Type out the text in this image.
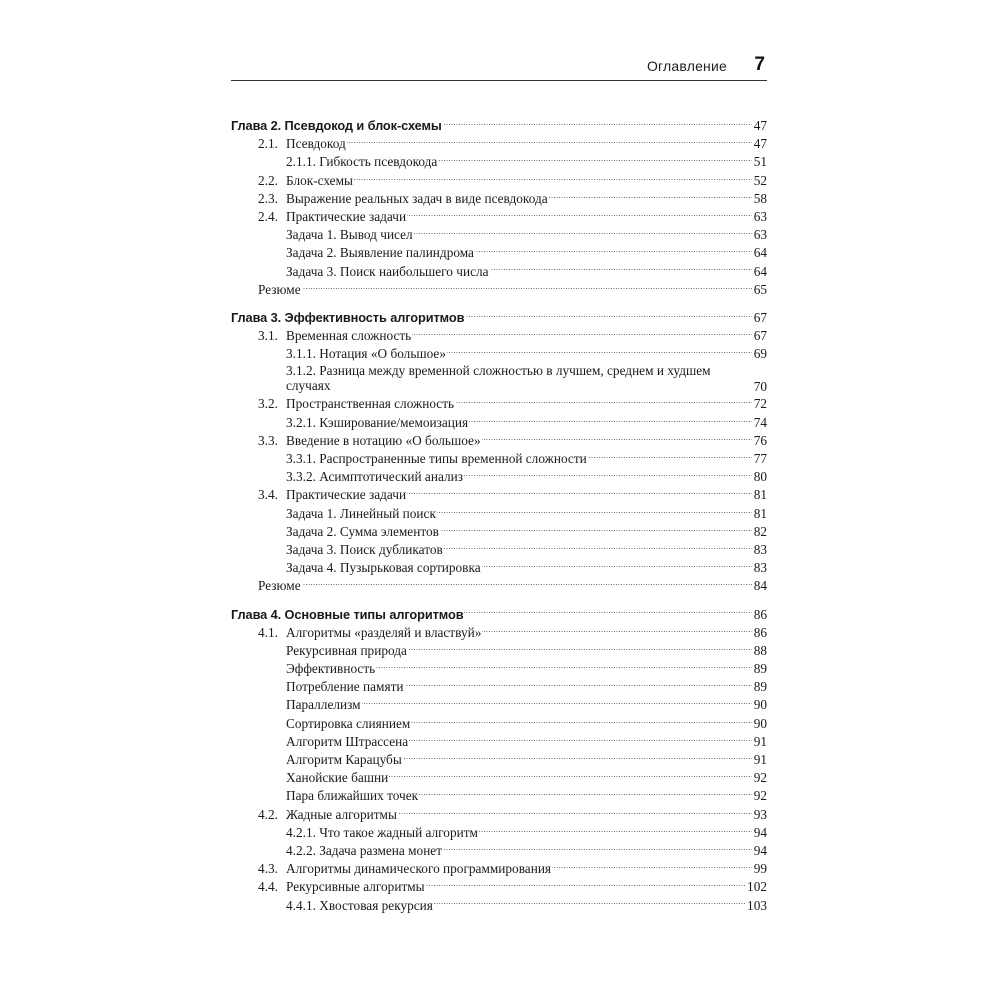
Оглавление 7
.....
Глава 2. Псевдокод и блок-схемы	47
.....
2.1. Псевдокод	47
.....
2.1.1. Гибкость псевдокода	51
.....
2.2. Блок-схемы	52
.....
2.3. Выражение реальных задач в виде псевдокода	58
.....
2.4. Практические задачи	63
.....
Задача 1. Вывод чисел	63
.....
Задача 2. Выявление палиндрома	64
.....
Задача 3. Поиск наибольшего числа	64
.....
Резюме	65
.....
Глава 3. Эффективность алгоритмов	67
.....
3.1. Временная сложность	67
.....
3.1.1. Нотация «О большое»	69
.....
3.1.2. Разница между временной сложностью в лучшем, среднем и худшем случаях	70
.....
3.2. Пространственная сложность	72
.....
3.2.1. Кэширование/мемоизация	74
.....
3.3. Введение в нотацию «О большое»	76
.....
3.3.1. Распространенные типы временной сложности	77
.....
3.3.2. Асимптотический анализ	80
.....
3.4. Практические задачи	81
.....
Задача 1. Линейный поиск	81
.....
Задача 2. Сумма элементов	82
.....
Задача 3. Поиск дубликатов	83
.....
Задача 4. Пузырьковая сортировка	83
.....
Резюме	84
.....
Глава 4. Основные типы алгоритмов	86
.....
4.1. Алгоритмы «разделяй и властвуй»	86
.....
Рекурсивная природа	88
.....
Эффективность	89
.....
Потребление памяти	89
.....
Параллелизм	90
.....
Сортировка слиянием	90
.....
Алгоритм Штрассена	91
.....
Алгоритм Карацубы	91
.....
Ханойские башни	92
.....
Пара ближайших точек	92
.....
4.2. Жадные алгоритмы	93
.....
4.2.1. Что такое жадный алгоритм	94
.....
4.2.2. Задача размена монет	94
.....
4.3. Алгоритмы динамического программирования	99
.....
4.4. Рекурсивные алгоритмы	102
.....
4.4.1. Хвостовая рекурсия	103
